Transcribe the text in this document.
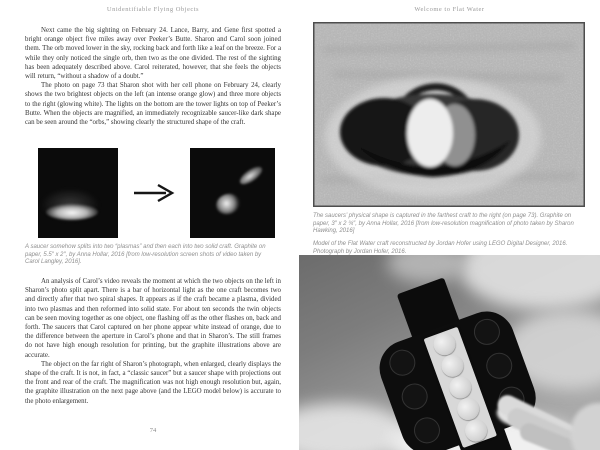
Unidentifiable Flying Objects

Next came the big sighting on February 24. Lance, Barry, and Gene first spotted a bright orange object five miles away over Peeker’s Butte. Sharon and Carol soon joined them. The orb moved lower in the sky, rocking back and forth like a leaf on the breeze. For a while they only noticed the single orb, then two as the one divided. The rest of the sighting has been adequately described above. Carol reiterated, however, that she feels the objects will return, “without a shadow of a doubt.”

The photo on page 73 that Sharon shot with her cell phone on February 24, clearly shows the two brightest objects on the left (an intense orange glow) and three more objects to the right (glowing white). The lights on the bottom are the tower lights on top of Peeker’s Butte. When the objects are magnified, an immediately recognizable saucer-like dark shape can be seen around the “orbs,” showing clearly the structured shape of the craft.

A saucer somehow splits into two “plasmas” and then each into two solid craft. Graphite on paper, 5.5″ x 2″, by Anna Hollar, 2016 [from low-resolution screen shots of video taken by Carol Langley, 2016].

An analysis of Carol’s video reveals the moment at which the two objects on the left in Sharon’s photo split apart. There is a bar of horizontal light as the one craft becomes two and directly after that two spiral shapes. It appears as if the craft became a plasma, divided into two plasmas and then reformed into solid state. For about ten seconds the twin objects can be seen moving together as one object, one flashing off as the other flashes on, back and forth. The saucers that Carol captured on her phone appear white instead of orange, due to the difference between the aperture in Carol’s phone and that in Sharon’s. The still frames do not have high enough resolution for printing, but the graphite illustrations above are accurate.

The object on the far right of Sharon’s photograph, when enlarged, clearly displays the shape of the craft. It is not, in fact, a “classic saucer” but a saucer shape with projections out the front and rear of the craft. The magnification was not high enough resolution but, again, the graphite illustration on the next page above (and the LEGO model below) is accurate to the photo enlargement.

74
Welcome to Flat Water
The saucers’ physical shape is captured in the farthest craft to the right (on page 73). Graphite on paper, 3″ x 2 ¾″, by Anna Hollar, 2016 [from low-resolution magnification of photo taken by Sharon Hawking, 2016]
Model of the Flat Water craft reconstructed by Jordan Hofer using LEGO Digital Designer, 2016. Photograph by Jordan Hofer, 2016.
